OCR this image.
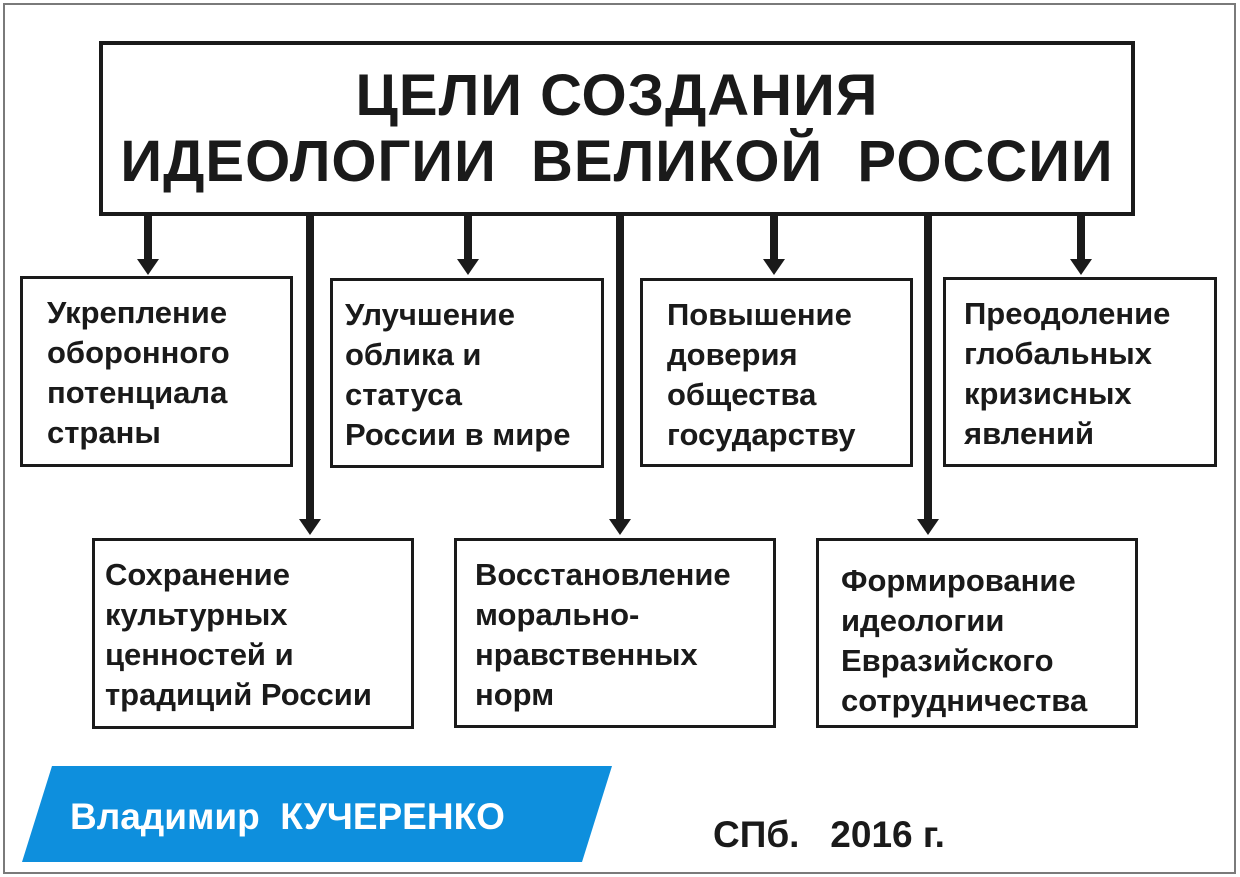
ЦЕЛИ СОЗДАНИЯ
ИДЕОЛОГИИ  ВЕЛИКОЙ  РОССИИ
Укрепление
оборонного
потенциала
страны
Улучшение
облика и
статуса
России в мире
Повышение
доверия
общества
государству
Преодоление
глобальных
кризисных
явлений
Сохранение
культурных
ценностей и
традиций России
Восстановление
морально-
нравственных
норм
Формирование
идеологии
Евразийского
сотрудничества
Владимир  КУЧЕРЕНКО	СПб.   2016 г.
